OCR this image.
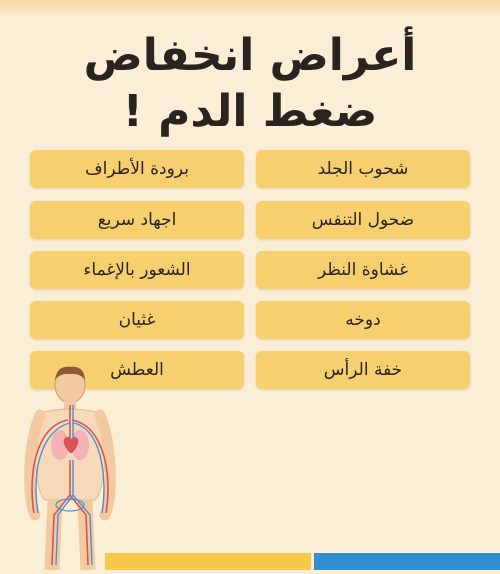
أعراض انخفاض
ضغط الدم !
شحوب الجلد
برودة الأطراف
ضحول التنفس
اجهاد سريع
غشاوة النظر
الشعور بالإغماء
دوخه
غثيان
خفة الرأس
العطش
